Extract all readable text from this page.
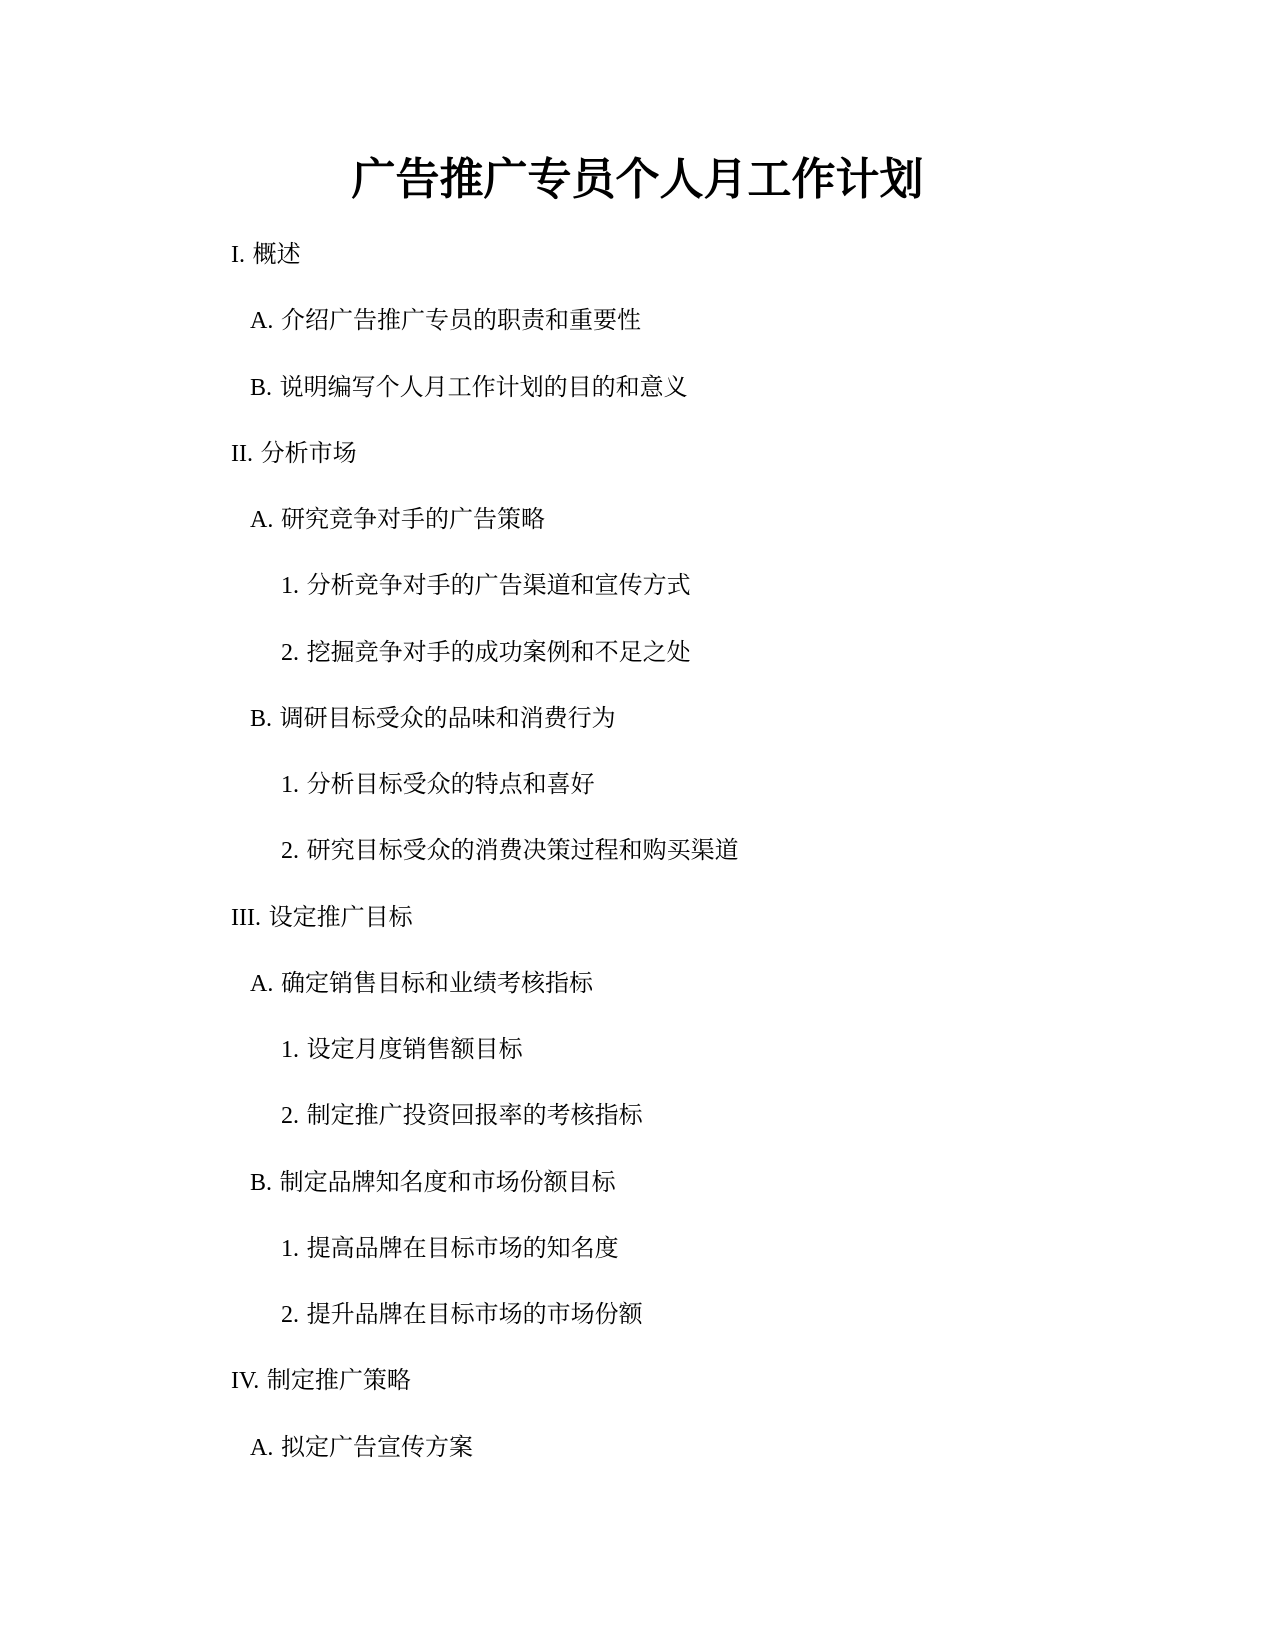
广告推广专员个人月工作计划
I. 概述
A. 介绍广告推广专员的职责和重要性
B. 说明编写个人月工作计划的目的和意义
II. 分析市场
A. 研究竞争对手的广告策略
1. 分析竞争对手的广告渠道和宣传方式
2. 挖掘竞争对手的成功案例和不足之处
B. 调研目标受众的品味和消费行为
1. 分析目标受众的特点和喜好
2. 研究目标受众的消费决策过程和购买渠道
III. 设定推广目标
A. 确定销售目标和业绩考核指标
1. 设定月度销售额目标
2. 制定推广投资回报率的考核指标
B. 制定品牌知名度和市场份额目标
1. 提高品牌在目标市场的知名度
2. 提升品牌在目标市场的市场份额
IV. 制定推广策略
A. 拟定广告宣传方案
